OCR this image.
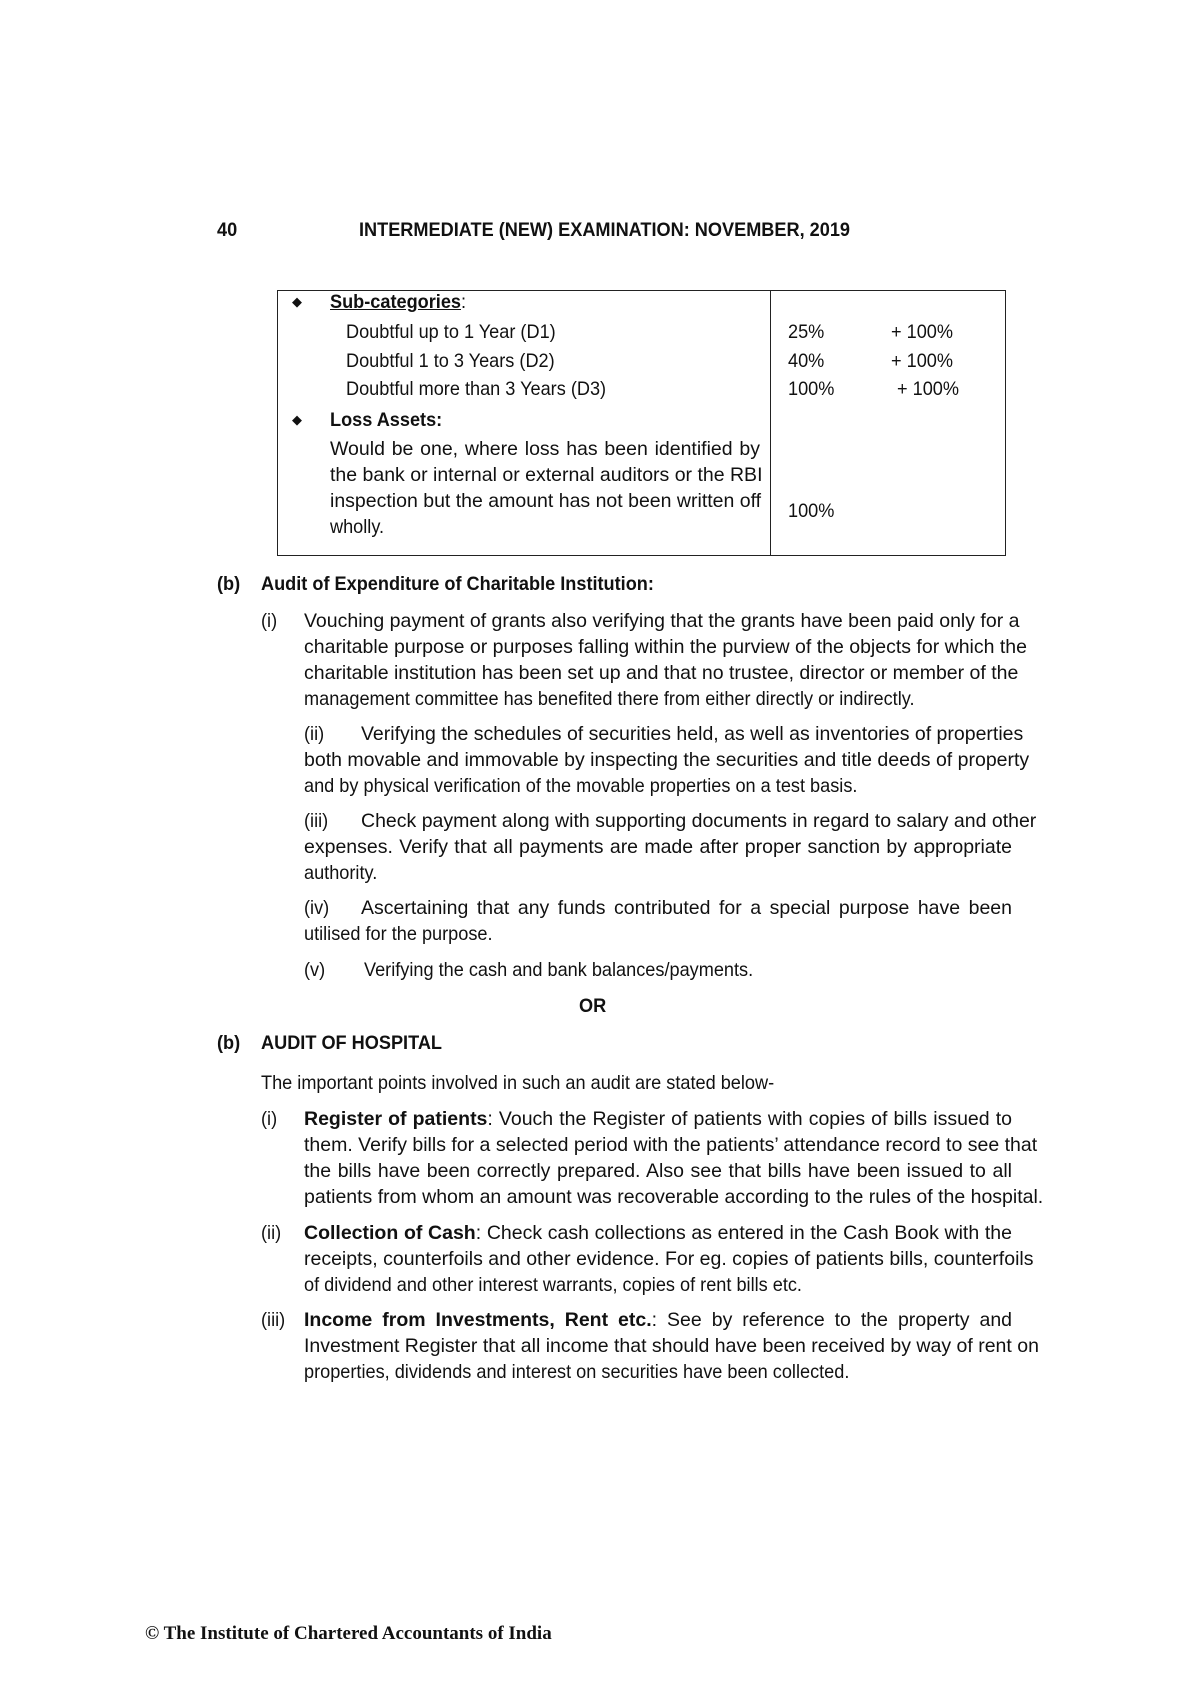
40	INTERMEDIATE (NEW) EXAMINATION: NOVEMBER, 2019
◆ Sub-categories:
Doubtful up to 1 Year (D1)
Doubtful 1 to 3 Years (D2)
Doubtful more than 3 Years (D3)
25%
40%
100%
+ 100%
+ 100%
+ 100%
◆ Loss Assets:
Would be one, where loss has been identified by
the bank or internal or external auditors or the RBI
inspection but the amount has not been written off
wholly.
100%
(b) Audit of Expenditure of Charitable Institution:
(i) Vouching payment of grants also verifying that the grants have been paid only for a
charitable purpose or purposes falling within the purview of the objects for which the
charitable institution has been set up and that no trustee, director or member of the
management committee has benefited there from either directly or indirectly.
(ii) Verifying the schedules of securities held, as well as inventories of properties
both movable and immovable by inspecting the securities and title deeds of property
and by physical verification of the movable properties on a test basis.
(iii) Check payment along with supporting documents in regard to salary and other
expenses. Verify that all payments are made after proper sanction by appropriate
authority.
(iv) Ascertaining that any funds contributed for a special purpose have been
utilised for the purpose.
(v) Verifying the cash and bank balances/payments.
OR
(b) AUDIT OF HOSPITAL
The important points involved in such an audit are stated below-
(i) Register of patients: Vouch the Register of patients with copies of bills issued to
them. Verify bills for a selected period with the patients’ attendance record to see that
the bills have been correctly prepared. Also see that bills have been issued to all
patients from whom an amount was recoverable according to the rules of the hospital.
(ii) Collection of Cash: Check cash collections as entered in the Cash Book with the
receipts, counterfoils and other evidence. For eg. copies of patients bills, counterfoils
of dividend and other interest warrants, copies of rent bills etc.
(iii) Income from Investments, Rent etc.: See by reference to the property and
Investment Register that all income that should have been received by way of rent on
properties, dividends and interest on securities have been collected.
© The Institute of Chartered Accountants of India
